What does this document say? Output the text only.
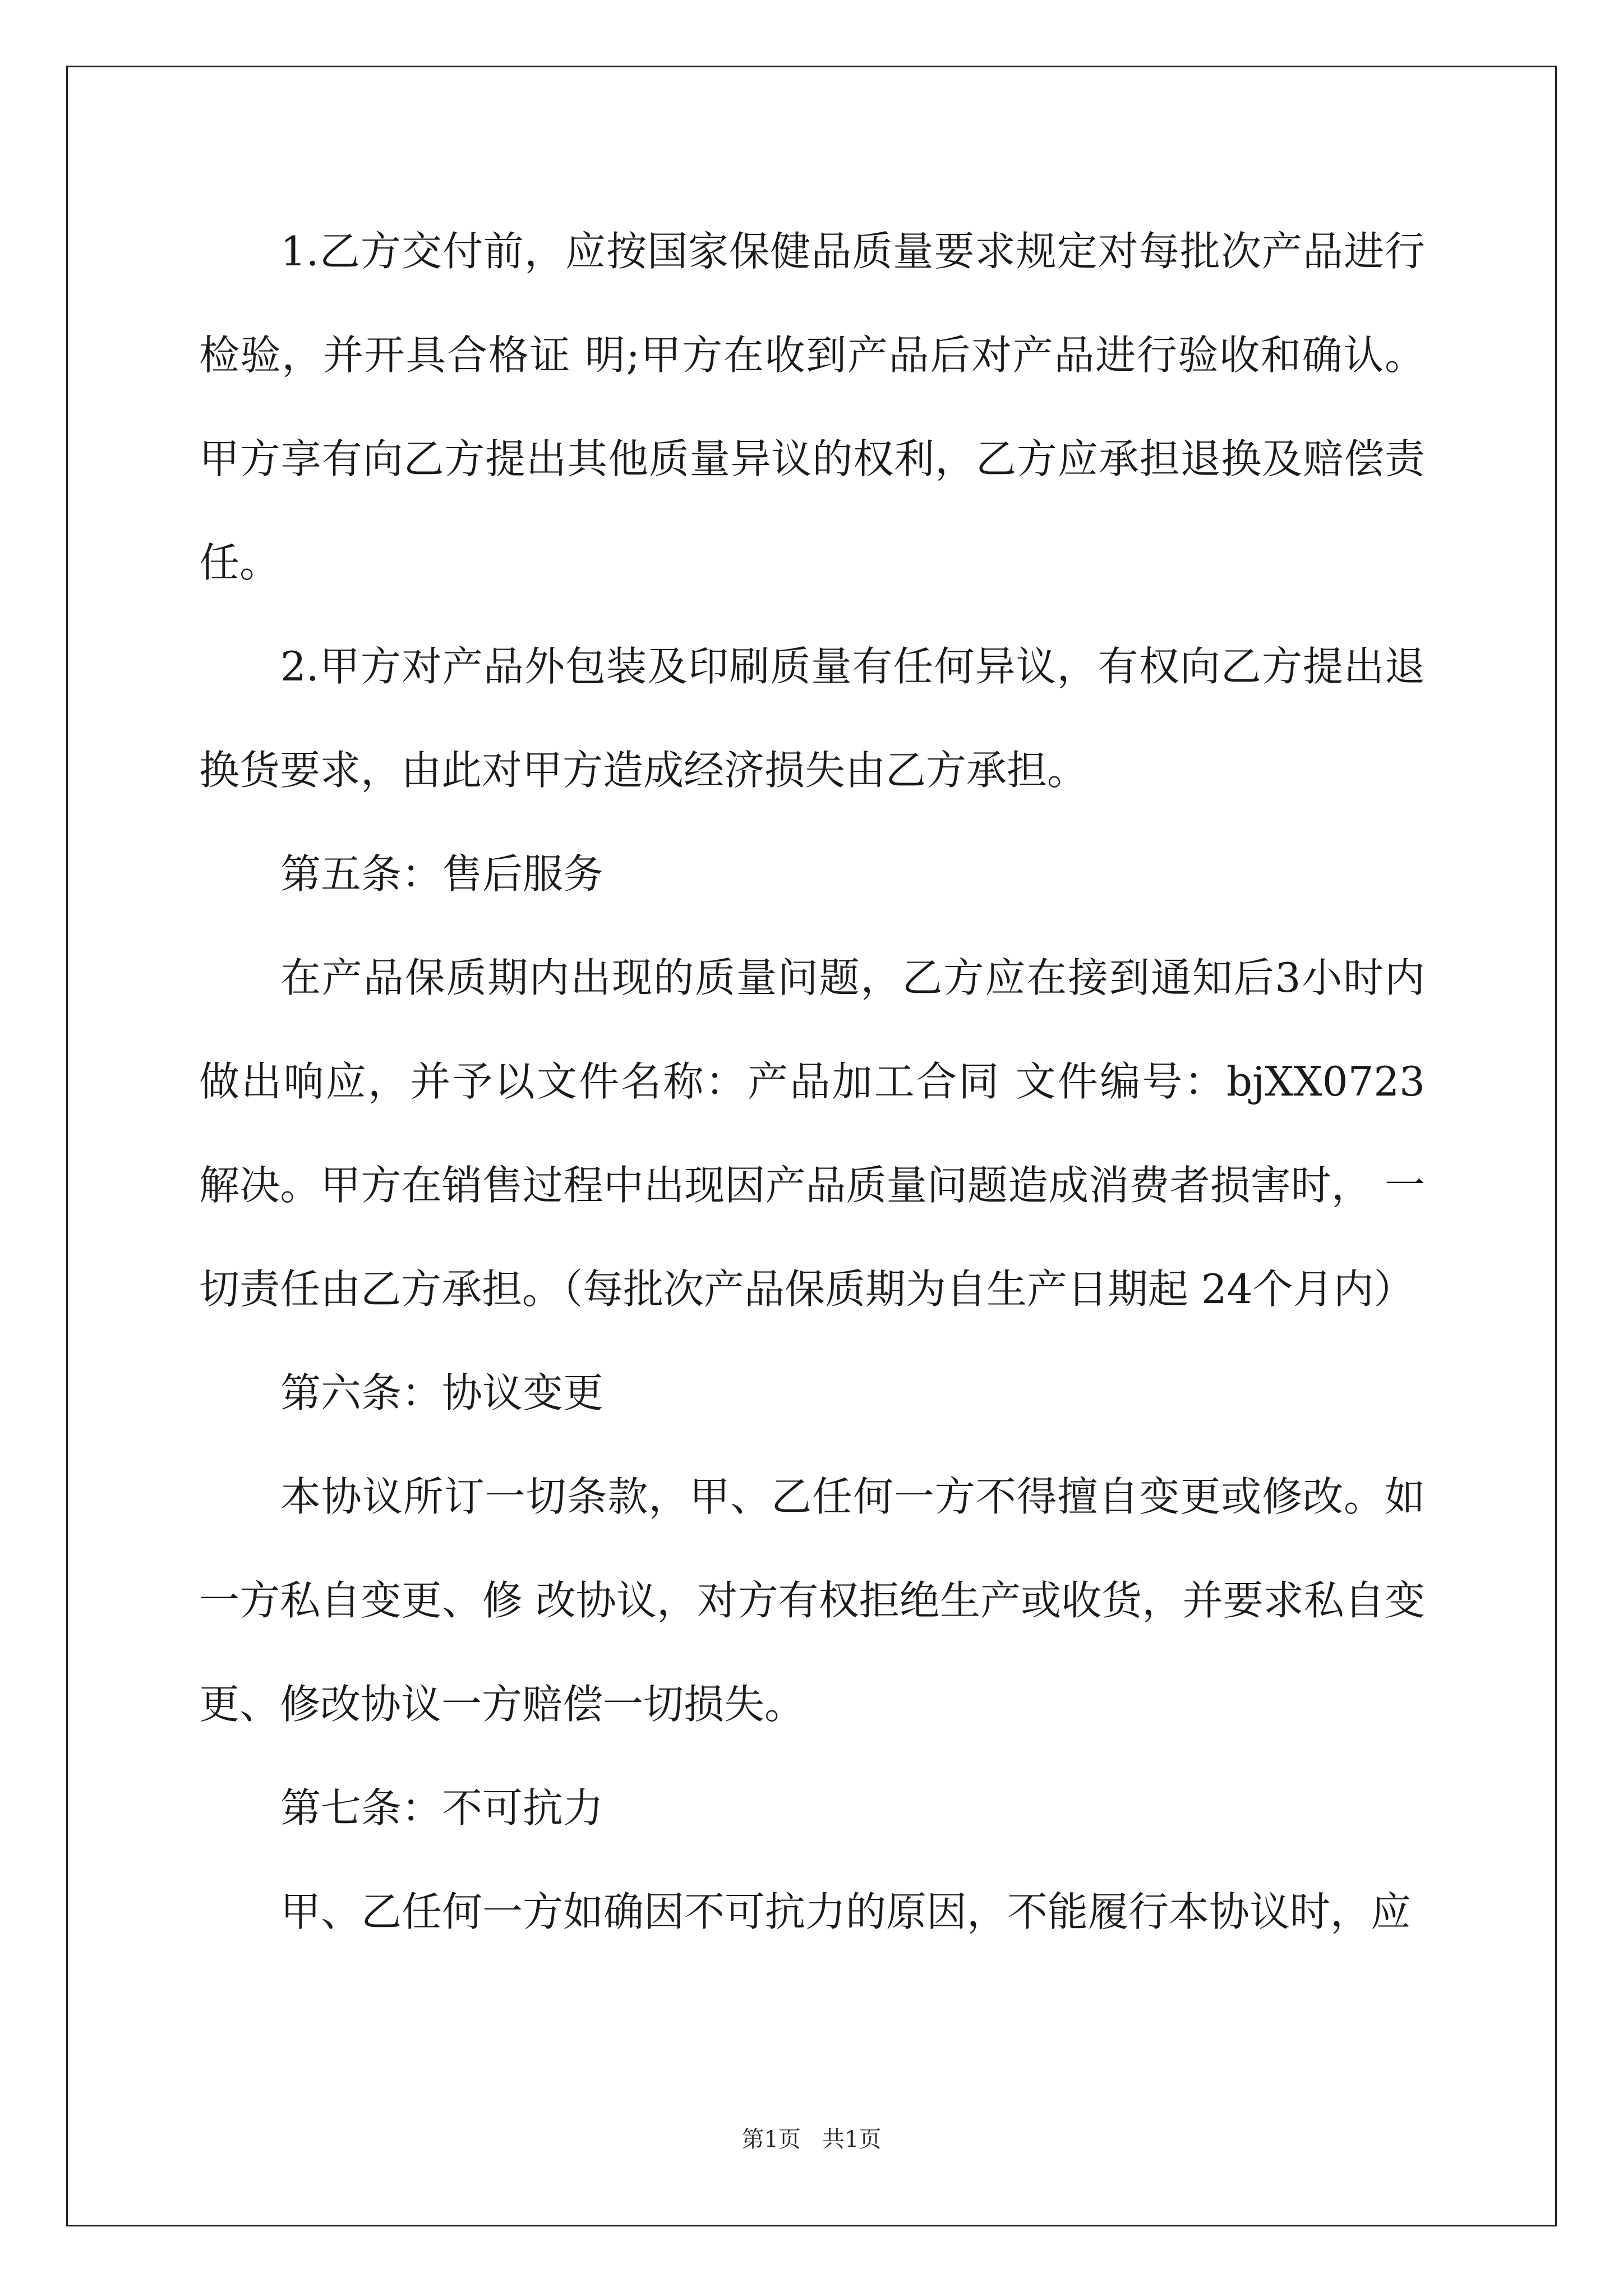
1.乙方交付前，应按国家保健品质量要求规定对每批次产品进行检验，并开具合格证 明;甲方在收到产品后对产品进行验收和确认。甲方享有向乙方提出其他质量异议的权利，乙方应承担退换及赔偿责任。

2.甲方对产品外包装及印刷质量有任何异议，有权向乙方提出退换货要求，由此对甲方造成经济损失由乙方承担。

第五条：售后服务

在产品保质期内出现的质量问题，乙方应在接到通知后3小时内做出响应，并予以文件名称：产品加工合同 文件编号：bjXX0723 解决。甲方在销售过程中出现因产品质量问题造成消费者损害时， 一切责任由乙方承担。（每批次产品保质期为自生产日期起 24个月内）

第六条：协议变更

本协议所订一切条款，甲、乙任何一方不得擅自变更或修改。如一方私自变更、修 改协议，对方有权拒绝生产或收货，并要求私自变更、修改协议一方赔偿一切损失。

第七条：不可抗力

甲、乙任何一方如确因不可抗力的原因，不能履行本协议时，应

第1页   共1页
